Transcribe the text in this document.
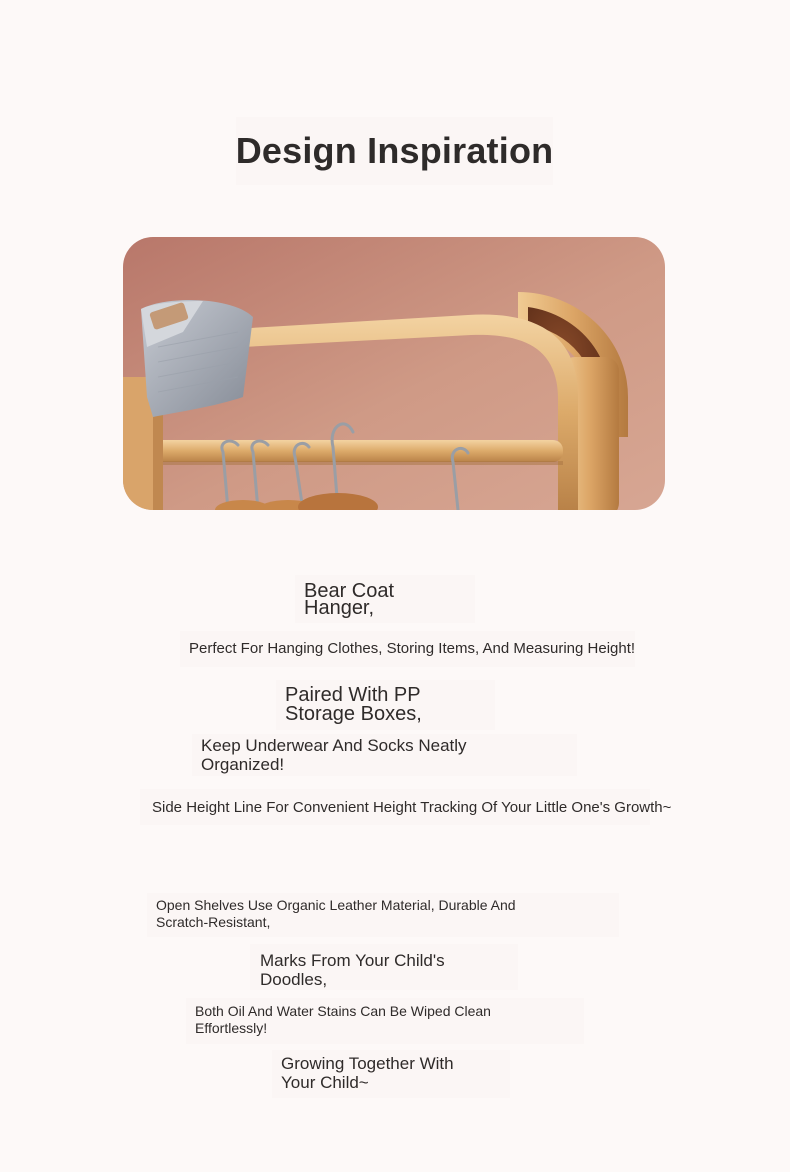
Design Inspiration
Bear Coat
Hanger,
Perfect For Hanging Clothes, Storing Items, And Measuring Height!
Paired With PP
Storage Boxes,
Keep Underwear And Socks Neatly
Organized!
Side Height Line For Convenient Height Tracking Of Your Little One's Growth~
Open Shelves Use Organic Leather Material, Durable And
Scratch-Resistant,
Marks From Your Child's
Doodles,
Both Oil And Water Stains Can Be Wiped Clean
Effortlessly!
Growing Together With
Your Child~
